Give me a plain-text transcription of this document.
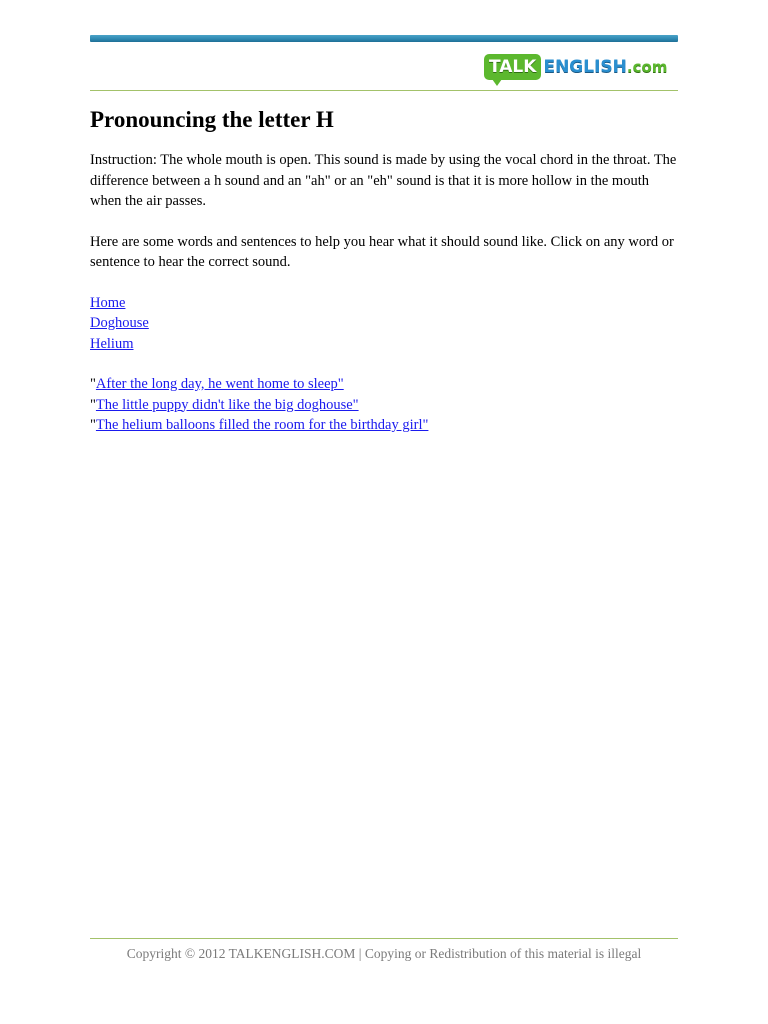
TALK ENGLISH .com
Pronouncing the letter H

Instruction: The whole mouth is open. This sound is made by using the vocal chord in the throat. The difference between a h sound and an "ah" or an "eh" sound is that it is more hollow in the mouth when the air passes.

Here are some words and sentences to help you hear what it should sound like. Click on any word or sentence to hear the correct sound.

Home
Doghouse
Helium
"After the long day, he went home to sleep"
"The little puppy didn't like the big doghouse"
"The helium balloons filled the room for the birthday girl"
Copyright © 2012 TALKENGLISH.COM | Copying or Redistribution of this material is illegal
